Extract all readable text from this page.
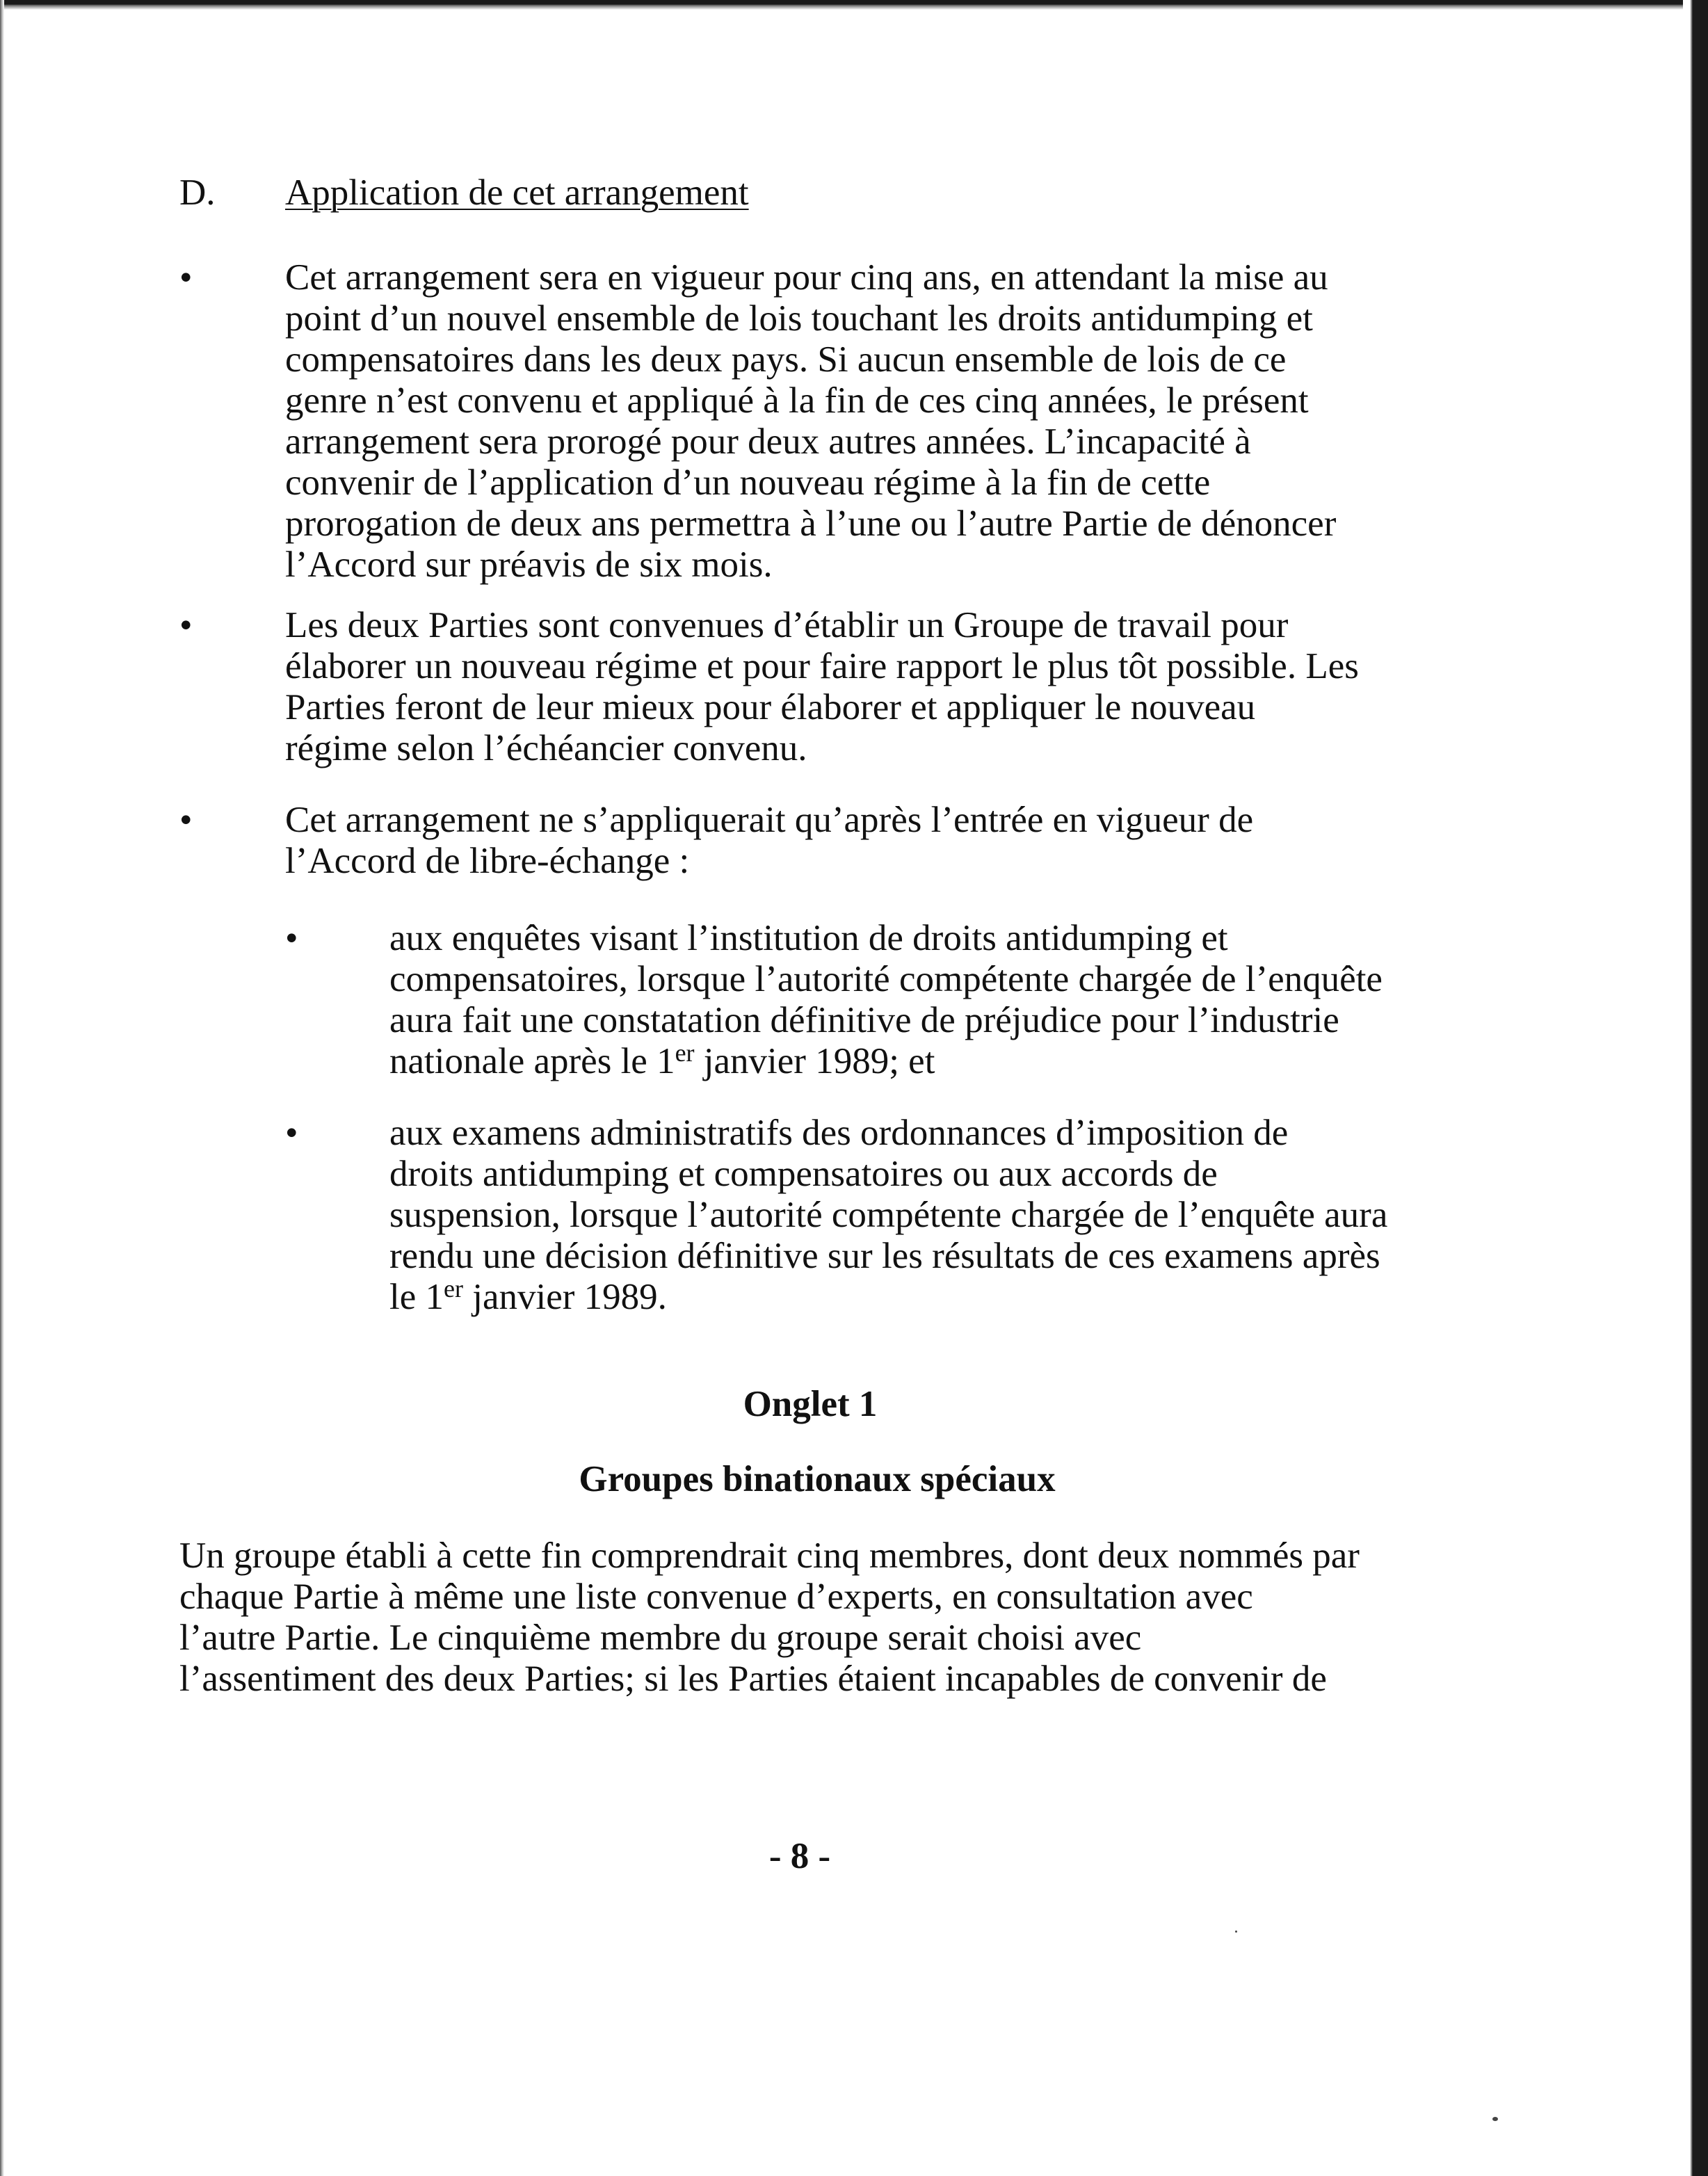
D. Application de cet arrangement
•	Cet arrangement sera en vigueur pour cinq ans, en attendant la mise au
point d’un nouvel ensemble de lois touchant les droits antidumping et
compensatoires dans les deux pays. Si aucun ensemble de lois de ce
genre n’est convenu et appliqué à la fin de ces cinq années, le présent
arrangement sera prorogé pour deux autres années. L’incapacité à
convenir de l’application d’un nouveau régime à la fin de cette
prorogation de deux ans permettra à l’une ou l’autre Partie de dénoncer
l’Accord sur préavis de six mois.

•	Les deux Parties sont convenues d’établir un Groupe de travail pour
élaborer un nouveau régime et pour faire rapport le plus tôt possible. Les
Parties feront de leur mieux pour élaborer et appliquer le nouveau
régime selon l’échéancier convenu.

•	Cet arrangement ne s’appliquerait qu’après l’entrée en vigueur de
l’Accord de libre-échange :

• aux enquêtes visant l’institution de droits antidumping et
compensatoires, lorsque l’autorité compétente chargée de l’enquête
aura fait une constatation définitive de préjudice pour l’industrie
nationale après le 1er janvier 1989; et

• aux examens administratifs des ordonnances d’imposition de
droits antidumping et compensatoires ou aux accords de
suspension, lorsque l’autorité compétente chargée de l’enquête aura
rendu une décision définitive sur les résultats de ces examens après
le 1er janvier 1989.

Onglet 1
Groupes binationaux spéciaux

Un groupe établi à cette fin comprendrait cinq membres, dont deux nommés par
chaque Partie à même une liste convenue d’experts, en consultation avec
l’autre Partie. Le cinquième membre du groupe serait choisi avec
l’assentiment des deux Parties; si les Parties étaient incapables de convenir de

- 8 -
